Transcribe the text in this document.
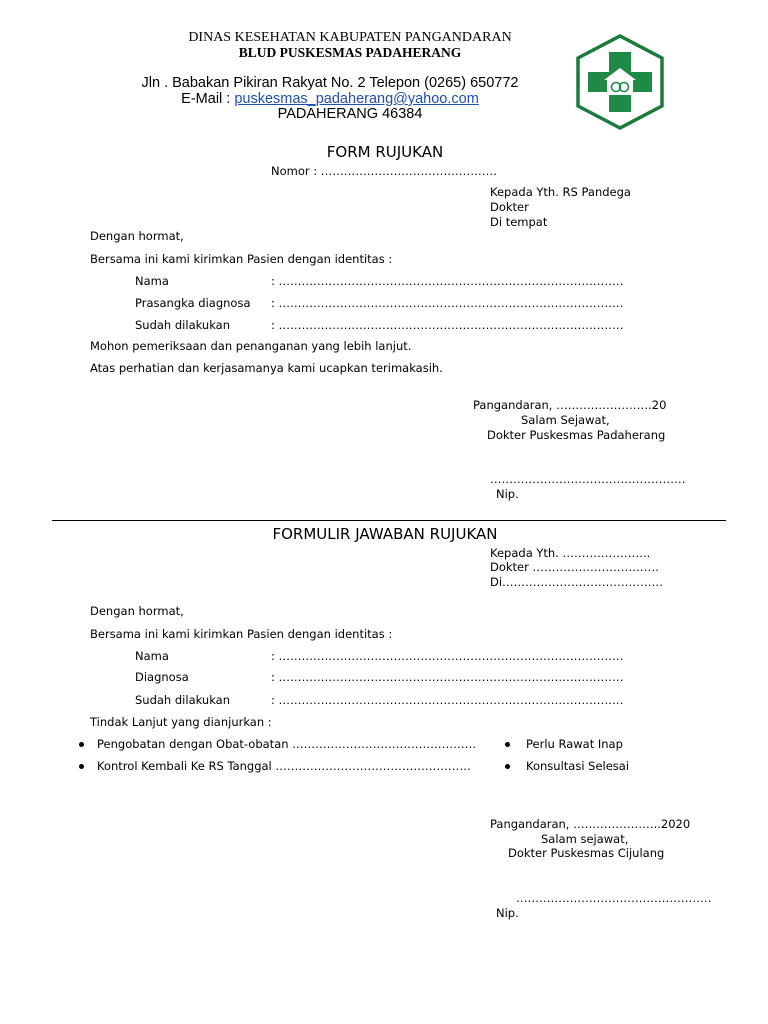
DINAS KESEHATAN KABUPATEN PANGANDARAN
BLUD PUSKESMAS PADAHERANG
Jln . Babakan Pikiran Rakyat No. 2 Telepon (0265) 650772
E-Mail : puskesmas_padaherang@yahoo.com
PADAHERANG 46384
FORM RUJUKAN
Nomor : ……………………………………….
Kepada Yth. RS Pandega
Dokter
Di tempat
Dengan hormat,
Bersama ini kami kirimkan Pasien dengan identitas :
Nama	: ………………………………………………………………………………
Prasangka diagnosa : ………………………………………………………………………………
Sudah dilakukan	: ………………………………………………………………………………
Mohon pemeriksaan dan penanganan yang lebih lanjut.
Atas perhatian dan kerjasamanya kami ucapkan terimakasih.
Pangandaran, …………………….20
Salam Sejawat,
Dokter Puskesmas Padaherang
……………………………………………
Nip.
FORMULIR JAWABAN RUJUKAN
Kepada Yth. …………………..
Dokter ……………………………
Di……………………………………
Dengan hormat,
Bersama ini kami kirimkan Pasien dengan identitas :
Nama	: ………………………………………………………………………………
Diagnosa	: ………………………………………………………………………………
Sudah dilakukan	: ………………………………………………………………………………
Tindak Lanjut yang dianjurkan :
Pengobatan dengan Obat-obatan …………………………………………
Kontrol Kembali Ke RS Tanggal ……………………………………………
Perlu Rawat Inap
Konsultasi Selesai
Pangandaran, …………………..2020
Salam sejawat,
Dokter Puskesmas Cijulang
……………………………………………
Nip.
